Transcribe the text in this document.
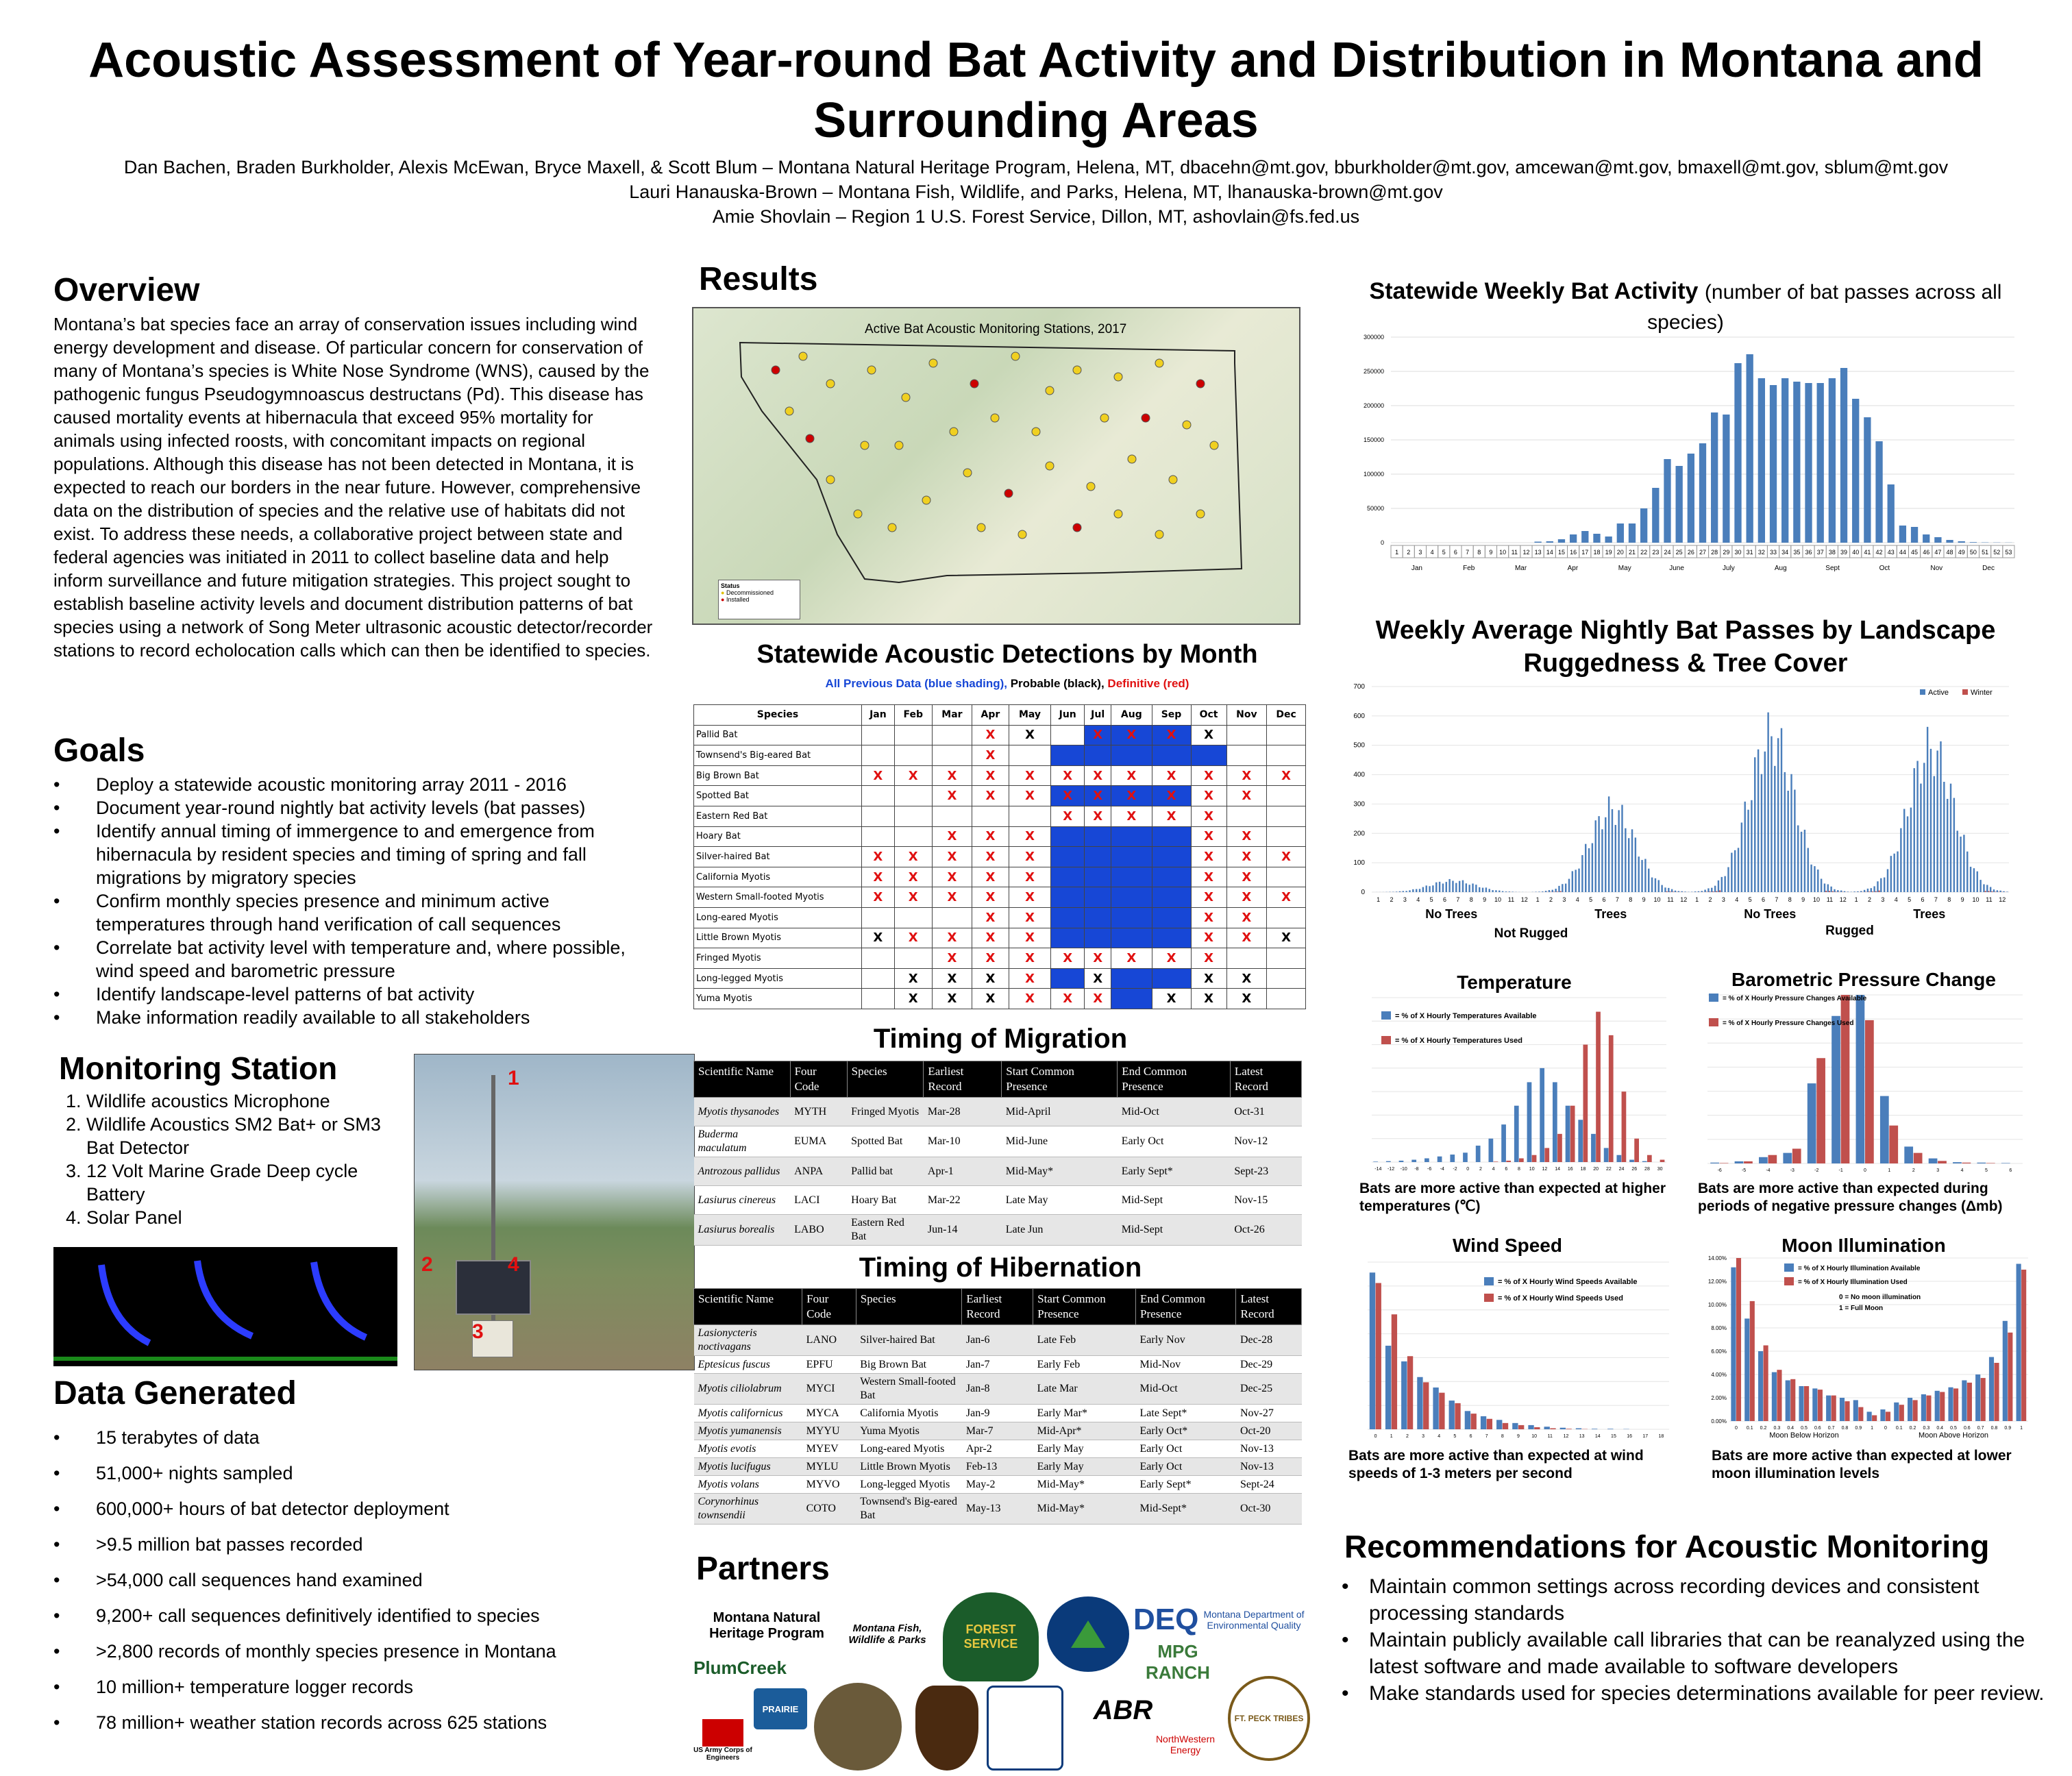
Acoustic Assessment of Year-round Bat Activity and Distribution in Montana and Surrounding Areas
Dan Bachen, Braden Burkholder, Alexis McEwan, Bryce Maxell, & Scott Blum – Montana Natural Heritage Program, Helena, MT, dbacehn@mt.gov, bburkholder@mt.gov, amcewan@mt.gov, bmaxell@mt.gov, sblum@mt.gov
Lauri Hanauska-Brown – Montana Fish, Wildlife, and Parks, Helena, MT, lhanauska-brown@mt.gov
Amie Shovlain – Region 1 U.S. Forest Service, Dillon, MT, ashovlain@fs.fed.us
Overview
Montana’s bat species face an array of conservation issues including wind energy development and disease. Of particular concern for conservation of many of Montana’s species is White Nose Syndrome (WNS), caused by the pathogenic fungus Pseudogymnoascus destructans (Pd). This disease has caused mortality events at hibernacula that exceed 95% mortality for animals using infected roosts, with concomitant impacts on regional populations. Although this disease has not been detected in Montana, it is expected to reach our borders in the near future. However, comprehensive data on the distribution of species and the relative use of habitats did not exist. To address these needs, a collaborative project between state and federal agencies was initiated in 2011 to collect baseline data and help inform surveillance and future mitigation strategies. This project sought to establish baseline activity levels and document distribution patterns of bat species using a network of Song Meter ultrasonic acoustic detector/recorder stations to record echolocation calls which can then be identified to species.
Goals
• Deploy a statewide acoustic monitoring array 2011 - 2016
• Document year-round nightly bat activity levels (bat passes)
• Identify annual timing of immergence to and emergence from hibernacula by resident species and timing of spring and fall migrations by migratory species
• Confirm monthly species presence and minimum active temperatures through hand verification of call sequences
• Correlate bat activity level with temperature and, where possible, wind speed and barometric pressure
• Identify landscape-level patterns of bat activity
• Make information readily available to all stakeholders
Monitoring Station
1. Wildlife acoustics Microphone
2. Wildlife Acoustics SM2 Bat+ or SM3 Bat Detector
3. 12 Volt Marine Grade Deep cycle Battery
4. Solar Panel
1
2
3
4
Data Generated
• 15 terabytes of data
• 51,000+ nights sampled
• 600,000+ hours of bat detector deployment
• >9.5 million bat passes recorded
• >54,000 call sequences hand examined
• 9,200+ call sequences definitively identified to species
• >2,800 records of monthly species presence in Montana
• 10 million+ temperature logger records
• 78 million+ weather station records across 625 stations
Results
Active Bat Acoustic Monitoring Stations, 2017
Status
● Decommissioned
● Installed
Statewide Acoustic Detections by Month
All Previous Data (blue shading), Probable (black), Definitive (red)
Species	Jan	Feb	Mar	Apr	May	Jun	Jul	Aug	Sep	Oct	Nov	Dec
Pallid Bat				X	X		X	X	X	X		
Townsend's Big-eared Bat				X								
Big Brown Bat	X	X	X	X	X	X	X	X	X	X	X	X
Spotted Bat			X	X	X	X	X	X	X	X	X	
Eastern Red Bat						X	X	X	X	X		
Hoary Bat			X	X	X					X	X	
Silver-haired Bat	X	X	X	X	X					X	X	X
California Myotis	X	X	X	X	X					X	X	
Western Small-footed Myotis	X	X	X	X	X					X	X	X
Long-eared Myotis				X	X					X	X	
Little Brown Myotis	X	X	X	X	X					X	X	X
Fringed Myotis			X	X	X	X	X	X	X	X		
Long-legged Myotis		X	X	X	X		X			X	X	
Yuma Myotis		X	X	X	X	X	X		X	X	X	
Timing of Migration
Scientific Name	Four Code	Species	Earliest Record	Start Common Presence	End Common Presence	Latest Record
Myotis thysanodes	MYTH	Fringed Myotis	Mar-28	Mid-April	Mid-Oct	Oct-31
Buderma maculatum	EUMA	Spotted Bat	Mar-10	Mid-June	Early Oct	Nov-12
Antrozous pallidus	ANPA	Pallid bat	Apr-1	Mid-May*	Early Sept*	Sept-23
Lasiurus cinereus	LACI	Hoary Bat	Mar-22	Late May	Mid-Sept	Nov-15
Lasiurus borealis	LABO	Eastern Red Bat	Jun-14	Late Jun	Mid-Sept	Oct-26
Timing of Hibernation
Scientific Name	Four Code	Species	Earliest Record	Start Common Presence	End Common Presence	Latest Record
Lasionycteris noctivagans	LANO	Silver-haired Bat	Jan-6	Late Feb	Early Nov	Dec-28
Eptesicus fuscus	EPFU	Big Brown Bat	Jan-7	Early Feb	Mid-Nov	Dec-29
Myotis ciliolabrum	MYCI	Western Small-footed Bat	Jan-8	Late Mar	Mid-Oct	Dec-25
Myotis californicus	MYCA	California Myotis	Jan-9	Early Mar*	Late Sept*	Nov-27
Myotis yumanensis	MYYU	Yuma Myotis	Mar-7	Mid-Apr*	Early Oct*	Oct-20
Myotis evotis	MYEV	Long-eared Myotis	Apr-2	Early May	Early Oct	Nov-13
Myotis lucifugus	MYLU	Little Brown Myotis	Feb-13	Early May	Early Oct	Nov-13
Myotis volans	MYVO	Long-legged Myotis	May-2	Mid-May*	Early Sept*	Sept-24
Corynorhinus townsendii	COTO	Townsend's Big-eared Bat	May-13	Mid-May*	Mid-Sept*	Oct-30
Partners
Montana Natural Heritage Program	Montana Fish, Wildlife & Parks
FOREST SERVICE
DEQ Montana Department of Environmental Quality
MPG RANCH
PlumCreek
PRAIRIE	ABR
NorthWestern Energy
US Army Corps of Engineers
FT. PECK TRIBES
Statewide Weekly Bat Activity (number of bat passes across all species)
0
50000
100000
150000
200000
250000
300000
1 2 3 4 5 6 7 8 9 10 11 12 13 14 15 16 17 18 19 20 21 22 23 24 25 26 27 28 29 30 31 32 33 34 35 36 37 38 39 40 41 42 43 44 45 46 47 48 49 50 51 52 53
Jan	Feb	Mar	Apr	May	June	July	Aug	Sept	Oct	Nov	Dec
Weekly Average Nightly Bat Passes by Landscape Ruggedness & Tree Cover
0
100
200
300
400
500
600
700
Active	Winter
1 2 3 4 5 6 7 8 9 10 11 12
No Trees
1 2 3 4 5 6 7 8 9 10 11 12
Trees
1 2 3 4 5 6 7 8 9 10 11 12
No Trees
1 2 3 4 5 6 7 8 9 10 11 12
Trees
Not Rugged	Rugged
Temperature
-14 -12 -10 -8 -6 -4 -2 0 2 4 6 8 10 12 14 16 18 20 22 24 26 28 30
= % of X Hourly Temperatures Available
= % of X Hourly Temperatures Used
Bats are more active than expected at higher temperatures (℃)
Barometric Pressure Change
-6	-5	-4	-3	-2	-1	0	1	2	3	4	5	6
= % of X Hourly Pressure Changes Available
= % of X Hourly Pressure Changes Used
Bats are more active than expected during periods of negative pressure changes (Δmb)
Wind Speed
0	1	2	3	4	5	6	7	8	9 10 11 12 13 14 15 16 17 18
= % of X Hourly Wind Speeds Available
= % of X Hourly Wind Speeds Used
Bats are more active than expected at wind speeds of 1-3 meters per second
Moon Illumination
0.00%
2.00%
4.00%
6.00%
8.00%
10.00%
12.00%
14.00%
0 0.1 0.2 0.3 0.4 0.5 0.6 0.7 0.8 0.9 1 0 0.1 0.2 0.3 0.4 0.5 0.6 0.7 0.8 0.9 1
= % of X Hourly Illumination Available
= % of X Hourly Illumination Used
0 = No moon illumination
1 = Full Moon
Moon Below Horizon	Moon Above Horizon
Bats are more active than expected at lower moon illumination levels
Recommendations for Acoustic Monitoring
• Maintain common settings across recording devices and consistent processing standards
• Maintain publicly available call libraries that can be reanalyzed using the latest software and made available to software developers
• Make standards used for species determinations available for peer review.
